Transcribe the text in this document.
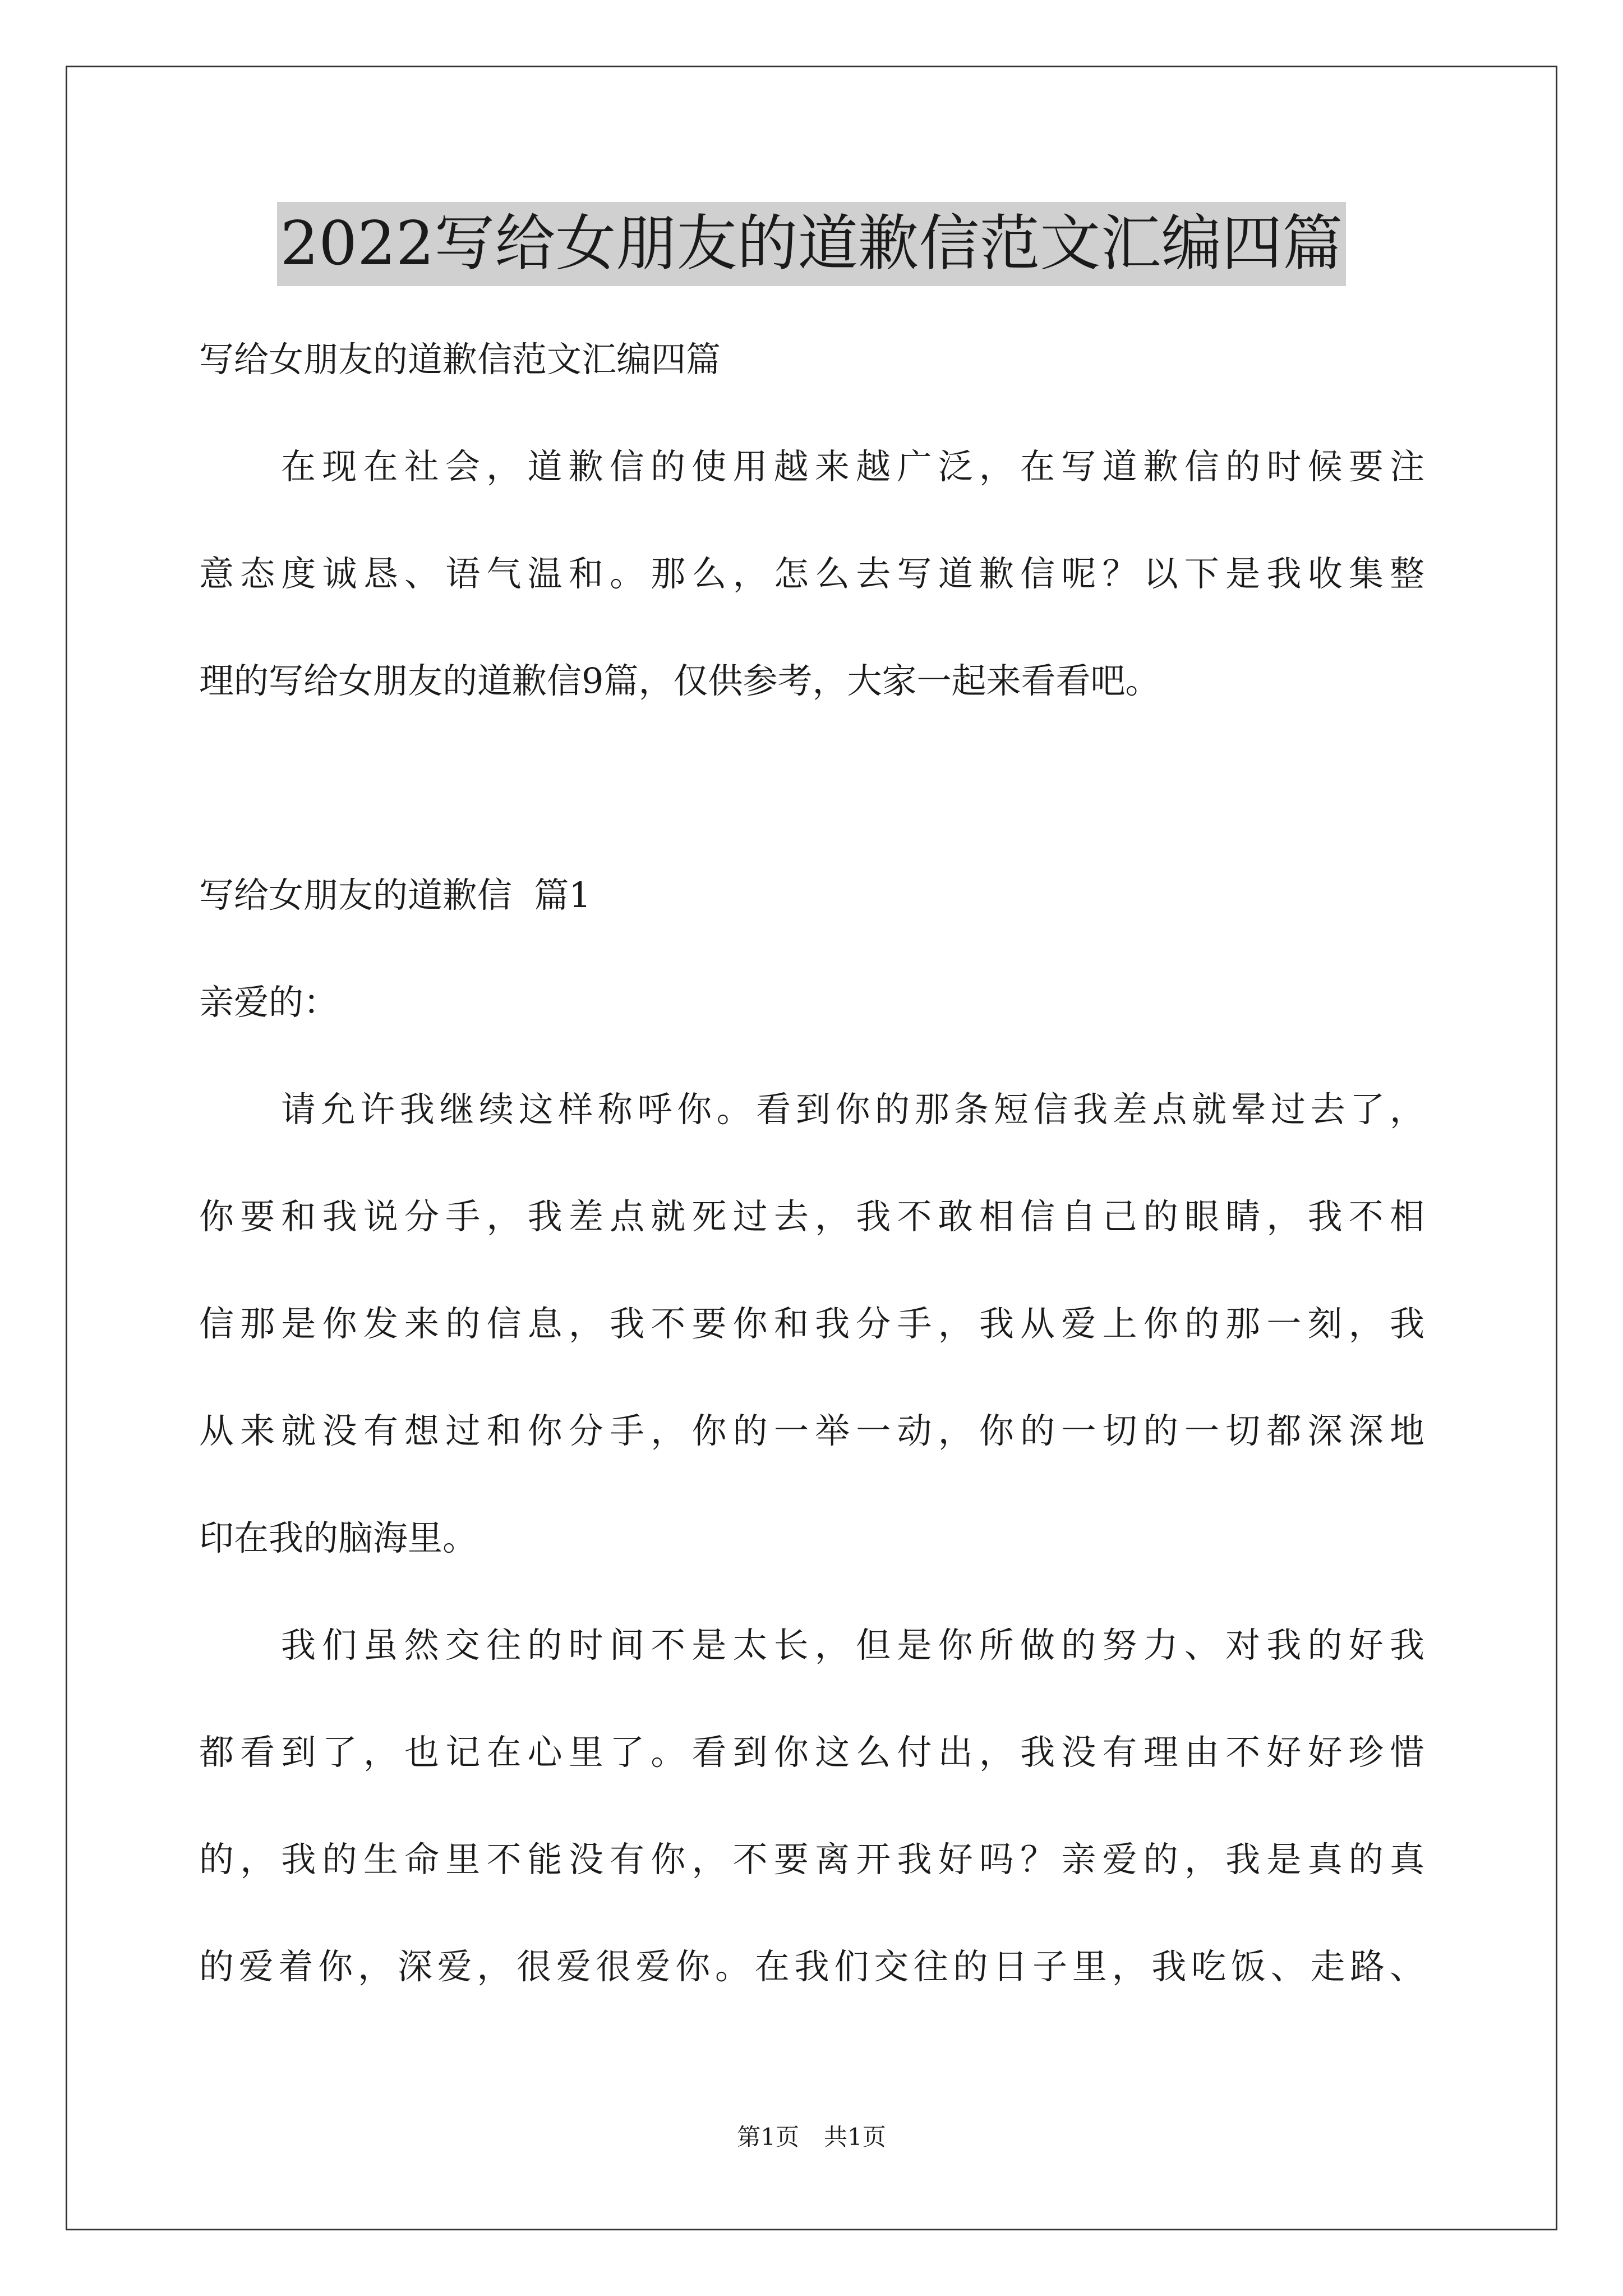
2022写给女朋友的道歉信范文汇编四篇
写给女朋友的道歉信范文汇编四篇
在现在社会，道歉信的使用越来越广泛，在写道歉信的时候要注
意态度诚恳、语气温和。那么，怎么去写道歉信呢？以下是我收集整
理的写给女朋友的道歉信9篇，仅供参考，大家一起来看看吧。
写给女朋友的道歉信  篇1
亲爱的：
请允许我继续这样称呼你。看到你的那条短信我差点就晕过去了，
你要和我说分手，我差点就死过去，我不敢相信自己的眼睛，我不相
信那是你发来的信息，我不要你和我分手，我从爱上你的那一刻，我
从来就没有想过和你分手，你的一举一动，你的一切的一切都深深地
印在我的脑海里。
我们虽然交往的时间不是太长，但是你所做的努力、对我的好我
都看到了，也记在心里了。看到你这么付出，我没有理由不好好珍惜
的，我的生命里不能没有你，不要离开我好吗？亲爱的，我是真的真
的爱着你，深爱，很爱很爱你。在我们交往的日子里，我吃饭、走路、
第1页 共1页
